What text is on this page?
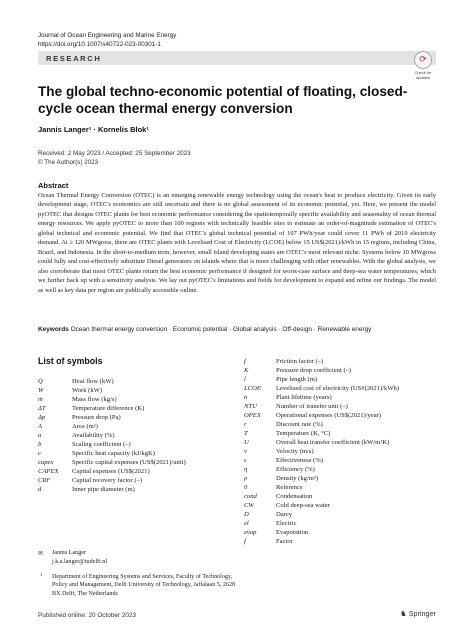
Journal of Ocean Engineering and Marine Energy
https://doi.org/10.1007/s40722-023-00301-1
RESEARCH	⟳
Check for updates
The global techno-economic potential of floating, closed-cycle ocean thermal energy conversion
Jannis Langer¹ · Kornelis Blok¹
Received: 2 May 2023 / Accepted: 25 September 2023
© The Author(s) 2023
Abstract
Ocean Thermal Energy Conversion (OTEC) is an emerging renewable energy technology using the ocean's heat to produce electricity. Given its early development stage, OTEC's economics are still uncertain and there is no global assessment of its economic potential, yet. Here, we present the model pyOTEC that designs OTEC plants for best economic performance considering the spatiotemporally specific availability and seasonality of ocean thermal energy resources. We apply pyOTEC to more than 100 regions with technically feasible sites to estimate an order-of-magnitude estimation of OTEC's global technical and economic potential. We find that OTEC's global technical potential of 107 PWh/year could cover 11 PWh of 2019 electricity demand. At ≥ 120 MWgross, there are OTEC plants with Levelised Cost of Electricity (LCOE) below 15 US$(2021)/kWh in 15 regions, including China, Brazil, and Indonesia. In the short-to-medium term, however, small island developing states are OTEC's most relevant niche. Systems below 10 MWgross could fully and cost-effectively substitute Diesel generators on islands where that is more challenging with other renewables. With the global analysis, we also corroborate that most OTEC plants return the best economic performance if designed for worst-case surface and deep-sea water temperatures, which we further back up with a sensitivity analysis. We lay out pyOTEC's limitations and fields for development to expand and refine our findings. The model as well as key data per region are publically accessible online.
Keywords Ocean thermal energy conversion · Economic potential · Global analysis · Off-design · Renewable energy
List of symbols
Q̇	Heat flow (kW)
Ẇ	Work (kW)
ṁ	Mass flow (kg/s)
ΔT	Temperature difference (K)
Δp	Pressure drop (Pa)
A	Area (m²)
a	Availability (%)
b	Scaling coefficient (–)
c	Specific heat capacity (kJ/kgK)
capex	Specific capital expenses (US$(2021)/unit)
CAPEX Capital expenses (US$(2021)
CRF	Capital recovery factor (–)
d	Inner pipe diameter (m)
f	Friction factor (–)
K	Pressure drop coefficient (–)
l	Pipe length (m)
LCOE Levelised cost of electricity (US¢(2021)/kWh)
n	Plant lifetime (years)
NTU	Number of transfer unit (–)
OPEX Operational expenses (US$(2021)/year)
r	Discount rate (%)
T	Temperature (K, °C)
U	Overall heat transfer coefficient (kW/m²K)
v	Velocity (m/s)
ε	Effectiveness (%)
η	Efficiency (%)
ρ	Density (kg/m³)
0	Reference
cond	Condensation
CW	Cold deep-sea water
D	Darcy
el	Electric
evap	Evaporation
f	Factor
✉ Jannis Langer
j.k.a.langer@tudelft.nl
1 Department of Engineering Systems and Services, Faculty of Technology, Policy and Management, Delft University of Technology, Jaffalaan 5, 2628 BX Delft, The Netherlands
Published online: 20 October 2023	♞ Springer
